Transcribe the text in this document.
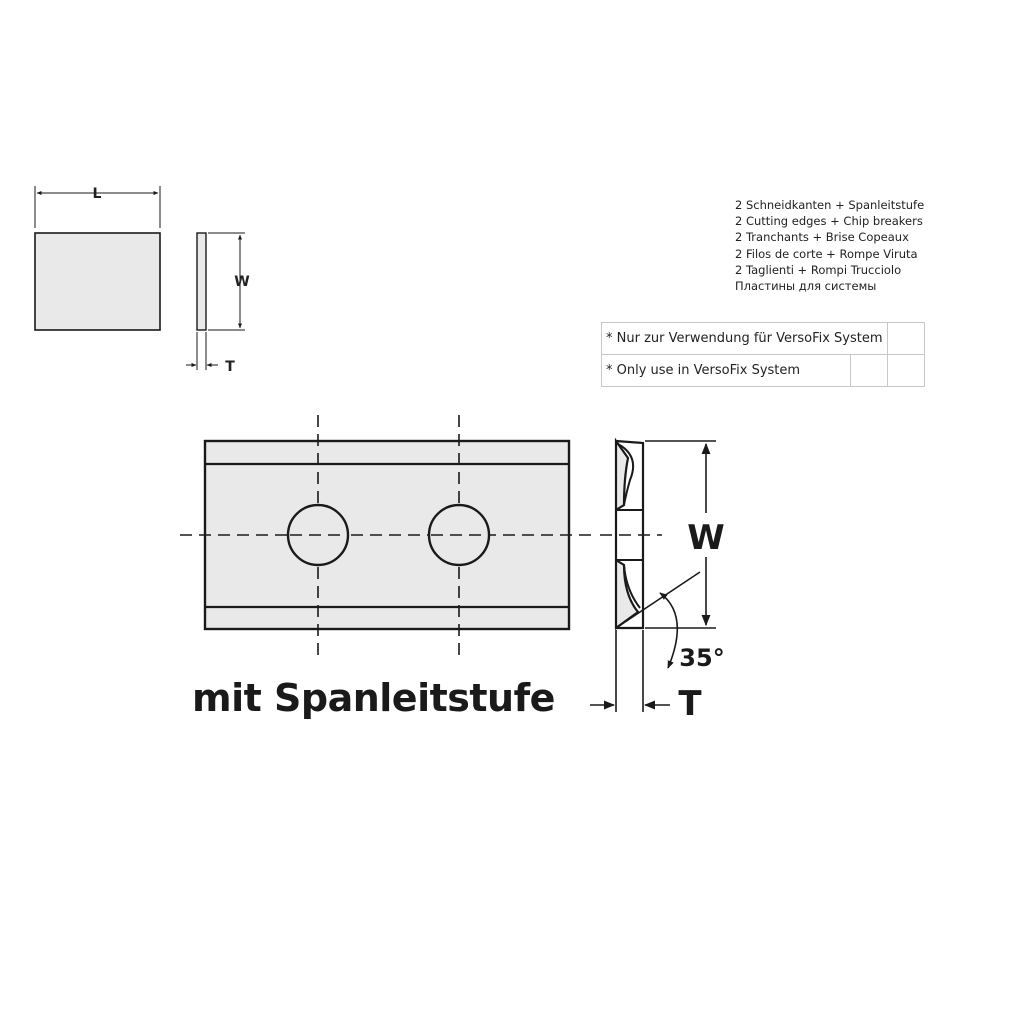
L
W
T
T
W
35°
2 Schneidkanten + Spanleitstufe
2 Cutting edges + Chip breakers
2 Tranchants + Brise Copeaux
2 Filos de corte + Rompe Viruta
2 Taglienti + Rompi Trucciolo
Пластины для системы
* Nur zur Verwendung für VersoFix System		
* Only use in VersoFix System		
mit Spanleitstufe
